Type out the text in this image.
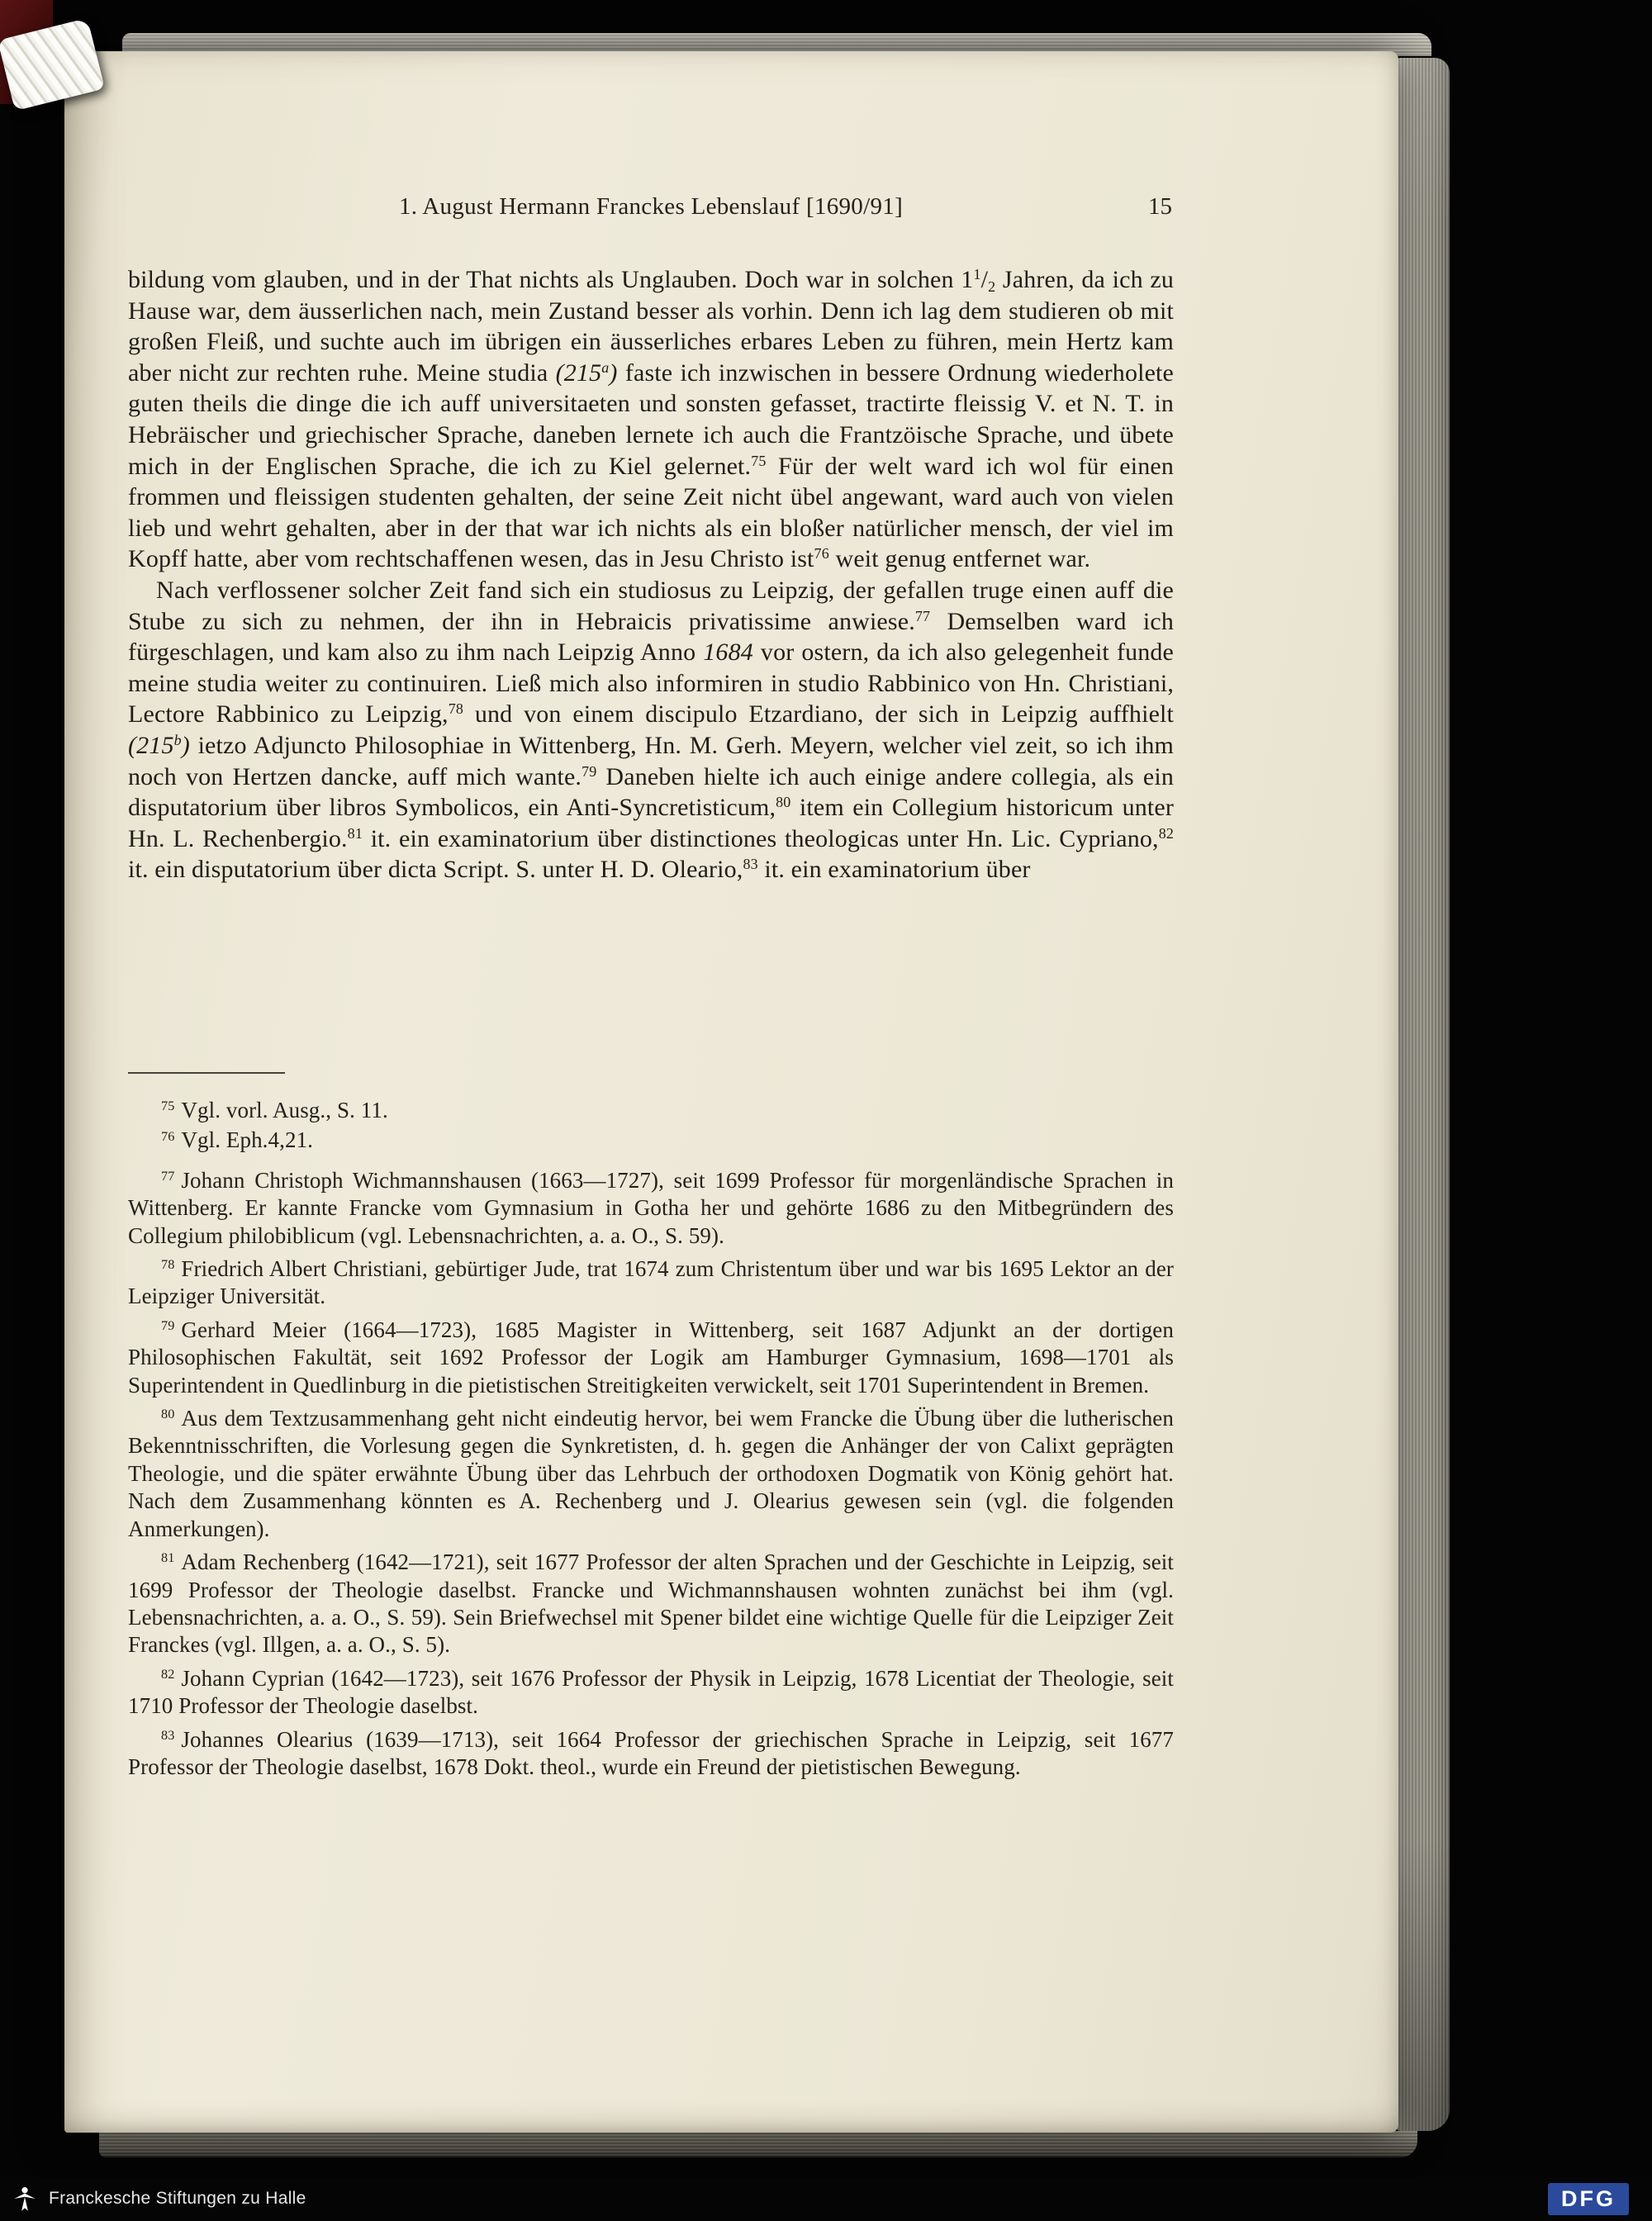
1. August Hermann Franckes Lebenslauf [1690/91]	15

bildung vom glauben, und in der That nichts als Unglauben. Doch war in solchen $1^1/_2$ Jahren, da ich zu Hause war, dem äusserlichen nach, mein Zustand besser als vorhin. Denn ich lag dem studieren ob mit großen Fleiß, und suchte auch im übrigen ein äusserliches erbares Leben zu führen, mein Hertz kam aber nicht zur rechten ruhe. Meine studia (215$^a$) faste ich inzwischen in bessere Ordnung wiederholete guten theils die dinge die ich auff universitaeten und sonsten gefasset, tractirte fleissig V. et N. T. in Hebräischer und griechischer Sprache, daneben lernete ich auch die Frantzöische Sprache, und übete mich in der Englischen Sprache, die ich zu Kiel gelernet.$^{75}$ Für der welt ward ich wol für einen frommen und fleissigen studenten gehalten, der seine Zeit nicht übel angewant, ward auch von vielen lieb und wehrt gehalten, aber in der that war ich nichts als ein bloßer natürlicher mensch, der viel im Kopff hatte, aber vom rechtschaffenen wesen, das in Jesu Christo ist$^{76}$ weit genug entfernet war.

Nach verflossener solcher Zeit fand sich ein studiosus zu Leipzig, der gefallen truge einen auff die Stube zu sich zu nehmen, der ihn in Hebraicis privatissime anwiese.$^{77}$ Demselben ward ich fürgeschlagen, und kam also zu ihm nach Leipzig Anno 1684 vor ostern, da ich also gelegenheit funde meine studia weiter zu continuiren. Ließ mich also informiren in studio Rabbinico von Hn. Christiani, Lectore Rabbinico zu Leipzig,$^{78}$ und von einem discipulo Etzardiano, der sich in Leipzig auffhielt (215$^b$) ietzo Adjuncto Philosophiae in Wittenberg, Hn. M. Gerh. Meyern, welcher viel zeit, so ich ihm noch von Hertzen dancke, auff mich wante.$^{79}$ Daneben hielte ich auch einige andere collegia, als ein disputatorium über libros Symbolicos, ein Anti-Syncretisticum,$^{80}$ item ein Collegium historicum unter Hn. L. Rechenbergio.$^{81}$ it. ein examinatorium über distinctiones theologicas unter Hn. Lic. Cypriano,$^{82}$ it. ein disputatorium über dicta Script. S. unter H. D. Oleario,$^{83}$ it. ein examinatorium über

$^{75}$ Vgl. vorl. Ausg., S. 11.
$^{76}$ Vgl. Eph.4,21.
$^{77}$ Johann Christoph Wichmannshausen (1663—1727), seit 1699 Professor für morgenländische Sprachen in Wittenberg. Er kannte Francke vom Gymnasium in Gotha her und gehörte 1686 zu den Mitbegründern des Collegium philobiblicum (vgl. Lebensnachrichten, a. a. O., S. 59).
$^{78}$ Friedrich Albert Christiani, gebürtiger Jude, trat 1674 zum Christentum über und war bis 1695 Lektor an der Leipziger Universität.
$^{79}$ Gerhard Meier (1664—1723), 1685 Magister in Wittenberg, seit 1687 Adjunkt an der dortigen Philosophischen Fakultät, seit 1692 Professor der Logik am Hamburger Gymnasium, 1698—1701 als Superintendent in Quedlinburg in die pietistischen Streitigkeiten verwickelt, seit 1701 Superintendent in Bremen.
$^{80}$ Aus dem Textzusammenhang geht nicht eindeutig hervor, bei wem Francke die Übung über die lutherischen Bekenntnisschriften, die Vorlesung gegen die Synkretisten, d. h. gegen die Anhänger der von Calixt geprägten Theologie, und die später erwähnte Übung über das Lehrbuch der orthodoxen Dogmatik von König gehört hat. Nach dem Zusammenhang könnten es A. Rechenberg und J. Olearius gewesen sein (vgl. die folgenden Anmerkungen).
$^{81}$ Adam Rechenberg (1642—1721), seit 1677 Professor der alten Sprachen und der Geschichte in Leipzig, seit 1699 Professor der Theologie daselbst. Francke und Wichmannshausen wohnten zunächst bei ihm (vgl. Lebensnachrichten, a. a. O., S. 59). Sein Briefwechsel mit Spener bildet eine wichtige Quelle für die Leipziger Zeit Franckes (vgl. Illgen, a. a. O., S. 5).
$^{82}$ Johann Cyprian (1642—1723), seit 1676 Professor der Physik in Leipzig, 1678 Licentiat der Theologie, seit 1710 Professor der Theologie daselbst.
$^{83}$ Johannes Olearius (1639—1713), seit 1664 Professor der griechischen Sprache in Leipzig, seit 1677 Professor der Theologie daselbst, 1678 Dokt. theol., wurde ein Freund der pietistischen Bewegung.
Franckesche Stiftungen zu Halle	DFG
